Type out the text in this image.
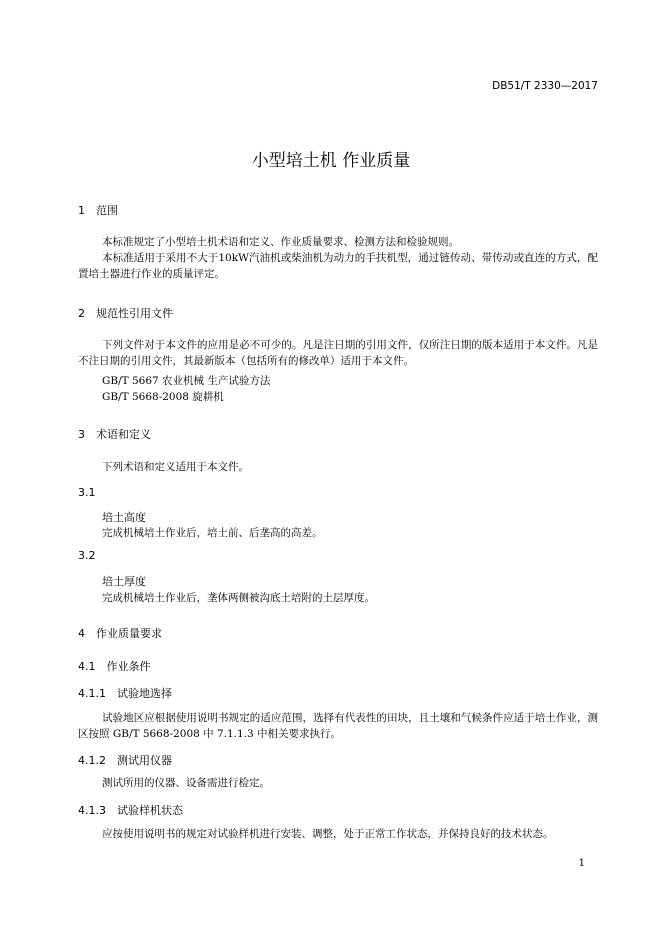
DB51/T 2330—2017
小型培土机 作业质量
1　范围
本标准规定了小型培土机术语和定义、作业质量要求、检测方法和检验规则。
本标准适用于采用不大于10kW汽油机或柴油机为动力的手扶机型，通过链传动、带传动或直连的方式，配置培土器进行作业的质量评定。
2　规范性引用文件
下列文件对于本文件的应用是必不可少的。凡是注日期的引用文件，仅所注日期的版本适用于本文件。凡是不注日期的引用文件，其最新版本（包括所有的修改单）适用于本文件。
GB/T 5667 农业机械 生产试验方法
GB/T 5668-2008 旋耕机
3　术语和定义
下列术语和定义适用于本文件。
3.1
培土高度
完成机械培土作业后，培土前、后垄高的高差。
3.2
培土厚度
完成机械培土作业后，垄体两侧被沟底土培附的土层厚度。
4　作业质量要求
4.1　作业条件
4.1.1　试验地选择
试验地区应根据使用说明书规定的适应范围，选择有代表性的田块，且土壤和气候条件应适于培土作业，测区按照 GB/T 5668-2008 中 7.1.1.3 中相关要求执行。
4.1.2　测试用仪器
测试所用的仪器、设备需进行检定。
4.1.3　试验样机状态
应按使用说明书的规定对试验样机进行安装、调整，处于正常工作状态，并保持良好的技术状态。
1
